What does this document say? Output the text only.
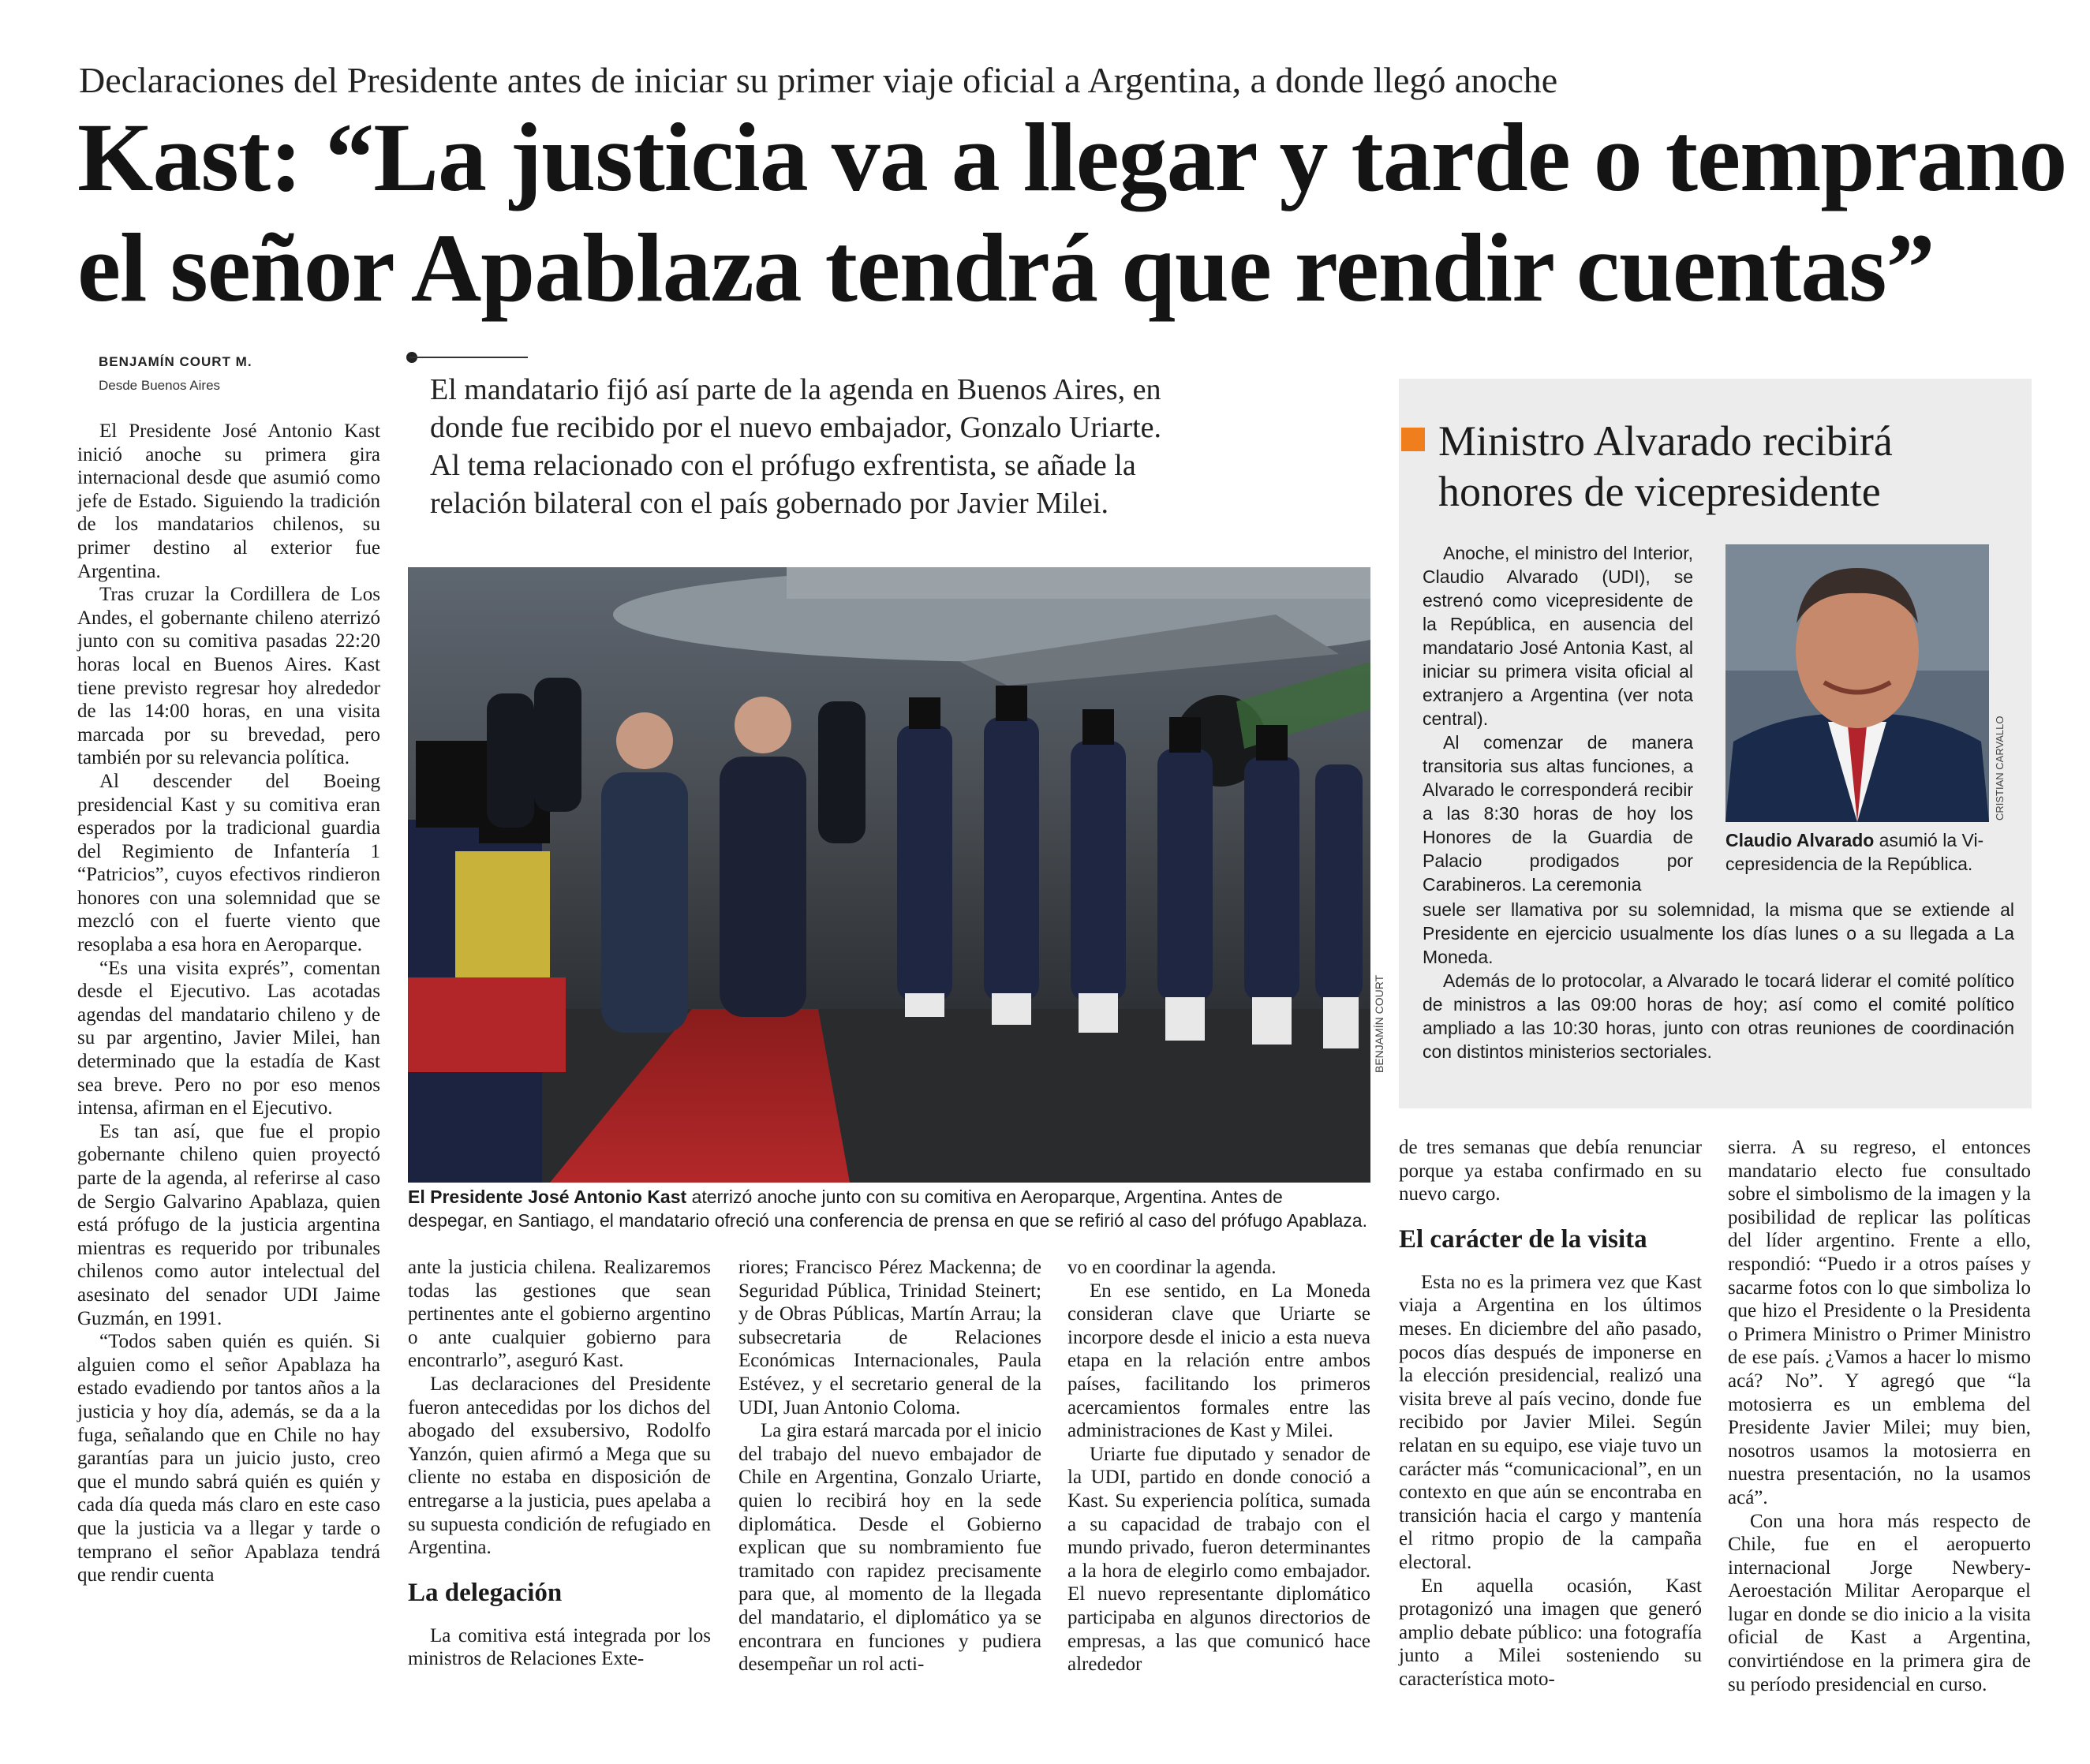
Declaraciones del Presidente antes de iniciar su primer viaje oficial a Argentina, a donde llegó anoche
Kast: “La justicia va a llegar y tarde o temprano
el señor Apablaza tendrá que rendir cuentas”
BENJAMÍN COURT M.
Desde Buenos Aires	El mandatario fijó así parte de la agenda en Buenos Aires, en
donde fue recibido por el nuevo embajador, Gonzalo Uriarte.
Al tema relacionado con el prófugo exfrentista, se añade la
relación bilateral con el país gobernado por Javier Milei.

El Presidente José Antonio Kast inició anoche su primera gira internacional desde que asumió como jefe de Estado. Siguiendo la tradición de los mandatarios chilenos, su primer destino al exterior fue Argentina.

Tras cruzar la Cordillera de Los Andes, el gobernante chileno aterrizó junto con su comitiva pasadas 22:20 horas local en Buenos Aires. Kast tiene previsto regresar hoy alrededor de las 14:00 horas, en una visita marcada por su brevedad, pero también por su relevancia política.

Al descender del Boeing presidencial Kast y su comitiva eran esperados por la tradicional guardia del Regimiento de Infantería 1 “Patricios”, cuyos efectivos rindieron honores con una solemnidad que se mezcló con el fuerte viento que resoplaba a esa hora en Aeroparque.

“Es una visita exprés”, comentan desde el Ejecutivo. Las acotadas agendas del mandatario chileno y de su par argentino, Javier Milei, han determinado que la estadía de Kast sea breve. Pero no por eso menos intensa, afirman en el Ejecutivo.

Es tan así, que fue el propio gobernante chileno quien proyectó parte de la agenda, al referirse al caso de Sergio Galvarino Apablaza, quien está prófugo de la justicia argentina mientras es requerido por tribunales chilenos como autor intelectual del asesinato del senador UDI Jaime Guzmán, en 1991.

“Todos saben quién es quién. Si alguien como el señor Apablaza ha estado evadiendo por tantos años a la justicia y hoy día, además, se da a la fuga, señalando que en Chile no hay garantías para un juicio justo, creo que el mundo sabrá quién es quién y cada día queda más claro en este caso que la justicia va a llegar y tarde o temprano el señor Apablaza tendrá que rendir cuenta

BENJAMÍN COURT
El Presidente José Antonio Kast aterrizó anoche junto con su comitiva en Aeroparque, Argentina. Antes de
despegar, en Santiago, el mandatario ofreció una conferencia de prensa en que se refirió al caso del prófugo Apablaza.

ante la justicia chilena. Realizaremos todas las gestiones que sean pertinentes ante el gobierno argentino o ante cualquier gobierno para encontrarlo”, aseguró Kast.

Las declaraciones del Presidente fueron antecedidas por los dichos del abogado del exsubersivo, Rodolfo Yanzón, quien afirmó a Mega que su cliente no estaba en disposición de entregarse a la justicia, pues apelaba a su supuesta condición de refugiado en Argentina.

La delegación

La comitiva está integrada por los ministros de Relaciones Exte-

riores; Francisco Pérez Mackenna; de Seguridad Pública, Trinidad Steinert; y de Obras Públicas, Martín Arrau; la subsecretaria de Relaciones Económicas Internacionales, Paula Estévez, y el secretario general de la UDI, Juan Antonio Coloma.

La gira estará marcada por el inicio del trabajo del nuevo embajador de Chile en Argentina, Gonzalo Uriarte, quien lo recibirá hoy en la sede diplomática. Desde el Gobierno explican que su nombramiento fue tramitado con rapidez precisamente para que, al momento de la llegada del mandatario, el diplomático ya se encontrara en funciones y pudiera desempeñar un rol acti-

vo en coordinar la agenda.

En ese sentido, en La Moneda consideran clave que Uriarte se incorpore desde el inicio a esta nueva etapa en la relación entre ambos países, facilitando los primeros acercamientos formales entre las administraciones de Kast y Milei.

Uriarte fue diputado y senador de la UDI, partido en donde conoció a Kast. Su experiencia política, sumada a su capacidad de trabajo con el mundo privado, fueron determinantes a la hora de elegirlo como embajador. El nuevo representante diplomático participaba en algunos directorios de empresas, a las que comunicó hace alrededor

de tres semanas que debía renunciar porque ya estaba confirmado en su nuevo cargo.

El carácter de la visita

Esta no es la primera vez que Kast viaja a Argentina en los últimos meses. En diciembre del año pasado, pocos días después de imponerse en la elección presidencial, realizó una visita breve al país vecino, donde fue recibido por Javier Milei. Según relatan en su equipo, ese viaje tuvo un carácter más “comunicacional”, en un contexto en que aún se encontraba en transición hacia el cargo y mantenía el ritmo propio de la campaña electoral.

En aquella ocasión, Kast protagonizó una imagen que generó amplio debate público: una fotografía junto a Milei sosteniendo su característica moto-

sierra. A su regreso, el entonces mandatario electo fue consultado sobre el simbolismo de la imagen y la posibilidad de replicar las políticas del líder argentino. Frente a ello, respondió: “Puedo ir a otros países y sacarme fotos con lo que simboliza lo que hizo el Presidente o la Presidenta o Primera Ministro o Primer Ministro de ese país. ¿Vamos a hacer lo mismo acá? No”. Y agregó que “la motosierra es un emblema del Presidente Javier Milei; muy bien, nosotros usamos la motosierra en nuestra presentación, no la usamos acá”.

Con una hora más respecto de Chile, fue en el aeropuerto internacional Jorge Newbery-Aeroestación Militar Aeroparque el lugar en donde se dio inicio a la visita oficial de Kast a Argentina, convirtiéndose en la primera gira de su período presidencial en curso.

Ministro Alvarado recibirá
honores de vicepresidente

Anoche, el ministro del Interior, Claudio Alvarado (UDI), se estrenó como vicepresidente de la República, en ausencia del mandatario José Antonia Kast, al iniciar su primera visita oficial al extranjero a Argentina (ver nota central).

Al comenzar de manera transitoria sus altas funciones, a Alvarado le corresponderá recibir a las 8:30 horas de hoy los Honores de la Guardia de Palacio prodigados por Carabineros. La ceremonia

suele ser llamativa por su solemnidad, la misma que se extiende al Presidente en ejercicio usualmente los días lunes o a su llegada a La Moneda.

Además de lo protocolar, a Alvarado le tocará liderar el comité político de ministros a las 09:00 horas de hoy; así como el comité político ampliado a las 10:30 horas, junto con otras reuniones de coordinación con distintos ministerios sectoriales.

CRISTIAN CARVALLO
Claudio Alvarado asumió la Vi-
cepresidencia de la República.
